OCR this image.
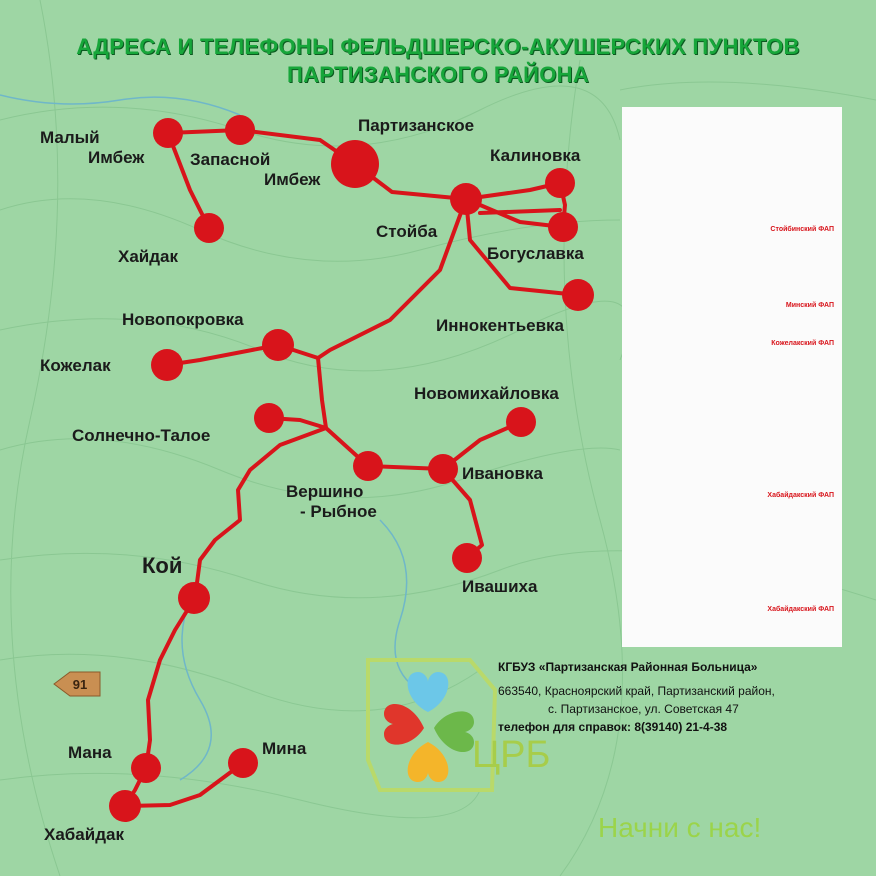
91
АДРЕСА И ТЕЛЕФОНЫ ФЕЛЬДШЕРСКО-АКУШЕРСКИХ ПУНКТОВ
ПАРТИЗАНСКОГО РАЙОНА
Партизанское
Малый
Имбеж	Запасной
Имбеж
Калиновка
Стойба
Богуславка
Хайдак
Иннокентьевка
Новопокровка
Кожелак
Новомихайловка
Солнечно-Талое
Вершино
- Рыбное
Ивановка
Кой
Ивашиха
Мана	Мина
Хабайдак

Стойбинский ФАП

Минский ФАП

Кожелакский ФАП

Хабайдакский ФАП

Хабайдакский ФАП

КГБУЗ «Партизанская Районная Больница»
663540, Красноярский край, Партизанский район,
с. Партизанское, ул. Советская 47
телефон для справок: 8(39140) 21-4-38
ЦРБ
Начни с нас!
